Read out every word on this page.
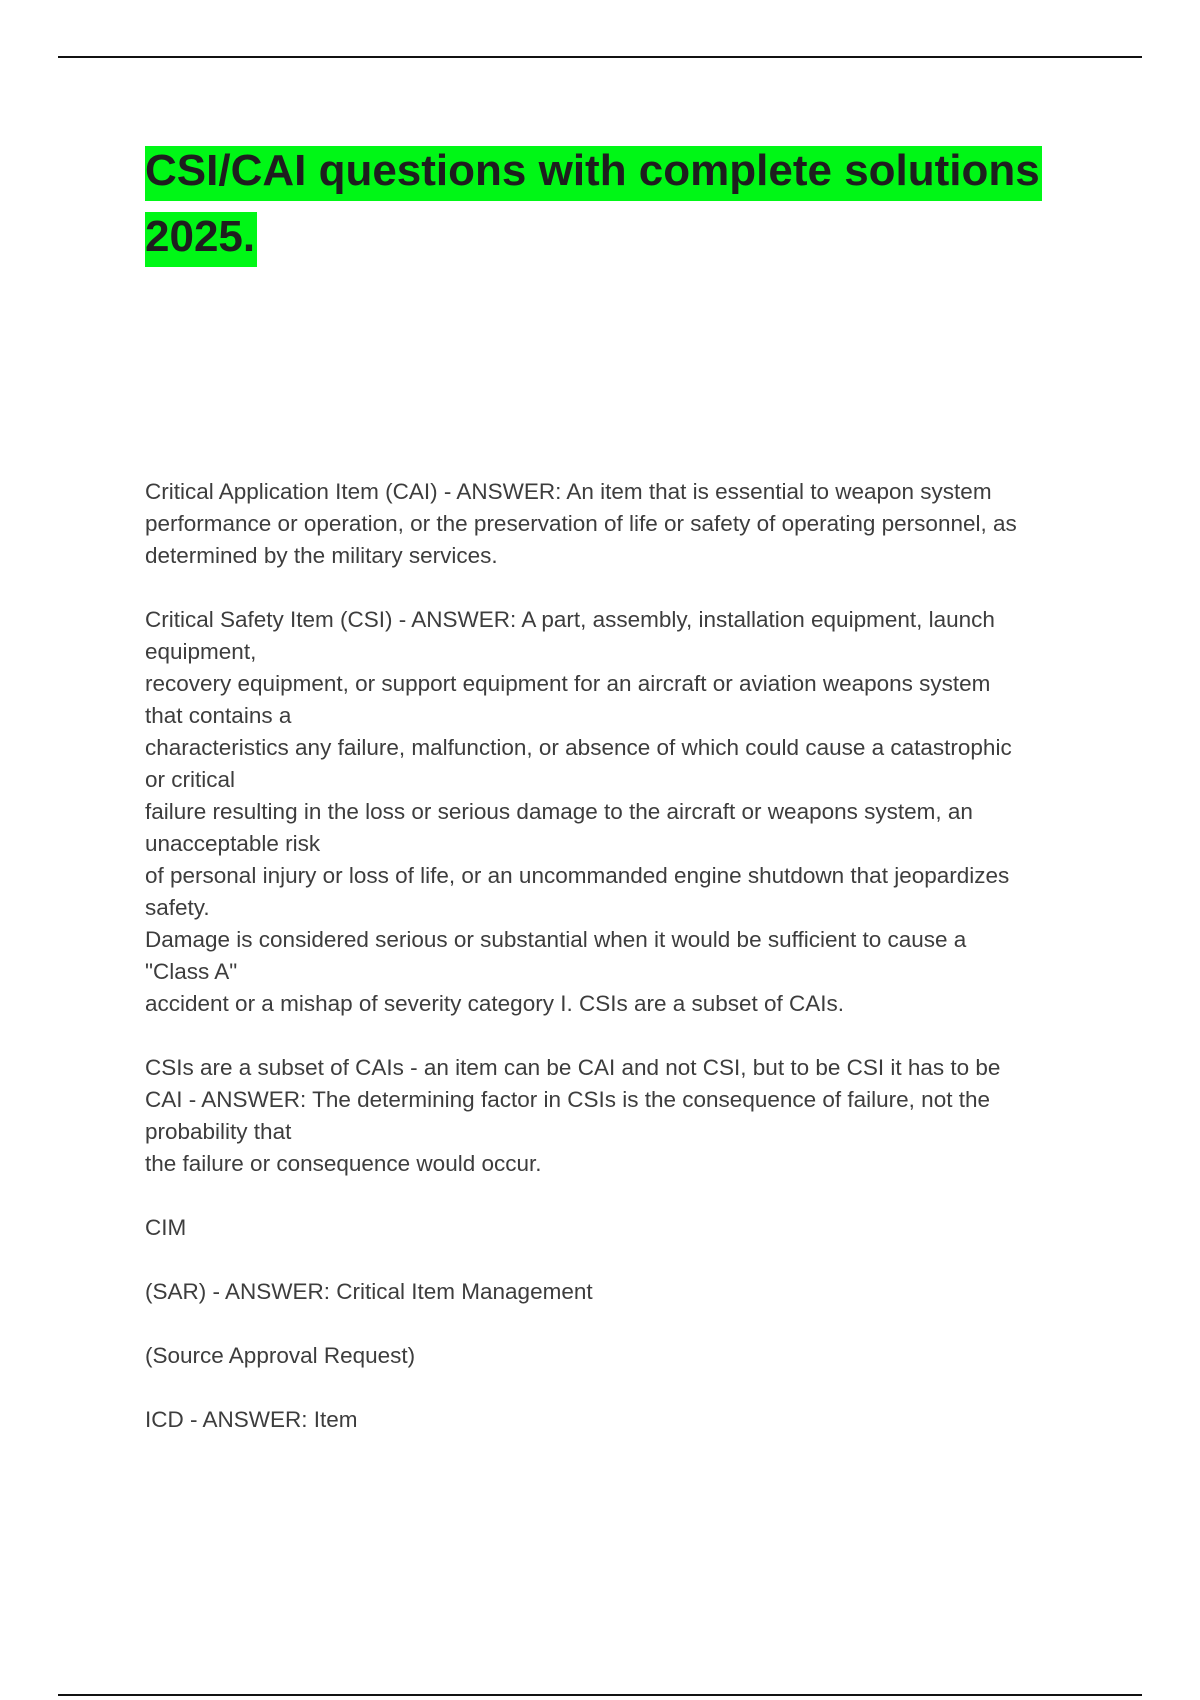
CSI/CAI questions with complete solutions
2025.

Critical Application Item (CAI) - ANSWER: An item that is essential to weapon system
performance or operation, or the preservation of life or safety of operating personnel, as
determined by the military services.

Critical Safety Item (CSI) - ANSWER: A part, assembly, installation equipment, launch
equipment,
recovery equipment, or support equipment for an aircraft or aviation weapons system
that contains a
characteristics any failure, malfunction, or absence of which could cause a catastrophic
or critical
failure resulting in the loss or serious damage to the aircraft or weapons system, an
unacceptable risk
of personal injury or loss of life, or an uncommanded engine shutdown that jeopardizes
safety.
Damage is considered serious or substantial when it would be sufficient to cause a
"Class A"
accident or a mishap of severity category I. CSIs are a subset of CAIs.

CSIs are a subset of CAIs - an item can be CAI and not CSI, but to be CSI it has to be
CAI - ANSWER: The determining factor in CSIs is the consequence of failure, not the
probability that
the failure or consequence would occur.

CIM

(SAR) - ANSWER: Critical Item Management

(Source Approval Request)

ICD - ANSWER: Item
